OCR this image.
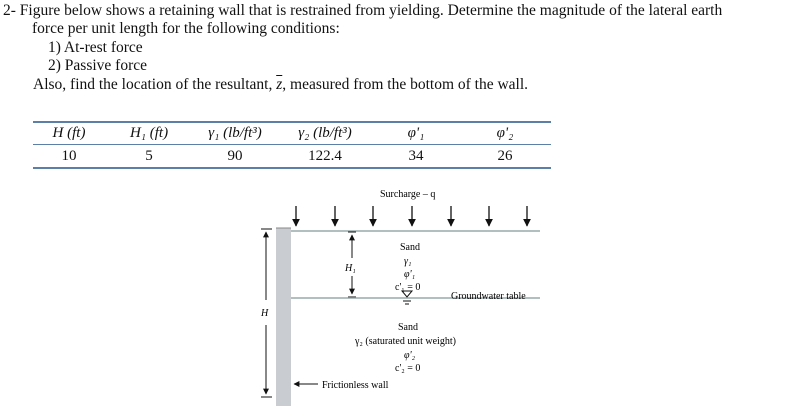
2- Figure below shows a retaining wall that is restrained from yielding. Determine the magnitude of the lateral earth
force per unit length for the following conditions:
1) At-rest force
2) Passive force
Also, find the location of the resultant, $\overline{z}$, measured from the bottom of the wall.
H (ft)	H₁ (ft)	γ₁ (lb/ft³)	γ₂ (lb/ft³)	φ'₁	φ'₂
10	5	90	122.4	34	26
Surcharge – q
H
H₁
Sand
γ₁
φ'₁
c'₁ = 0
Groundwater table
Sand
γ₂ (saturated unit weight)
φ'₂
c'₂ = 0
Frictionless wall
